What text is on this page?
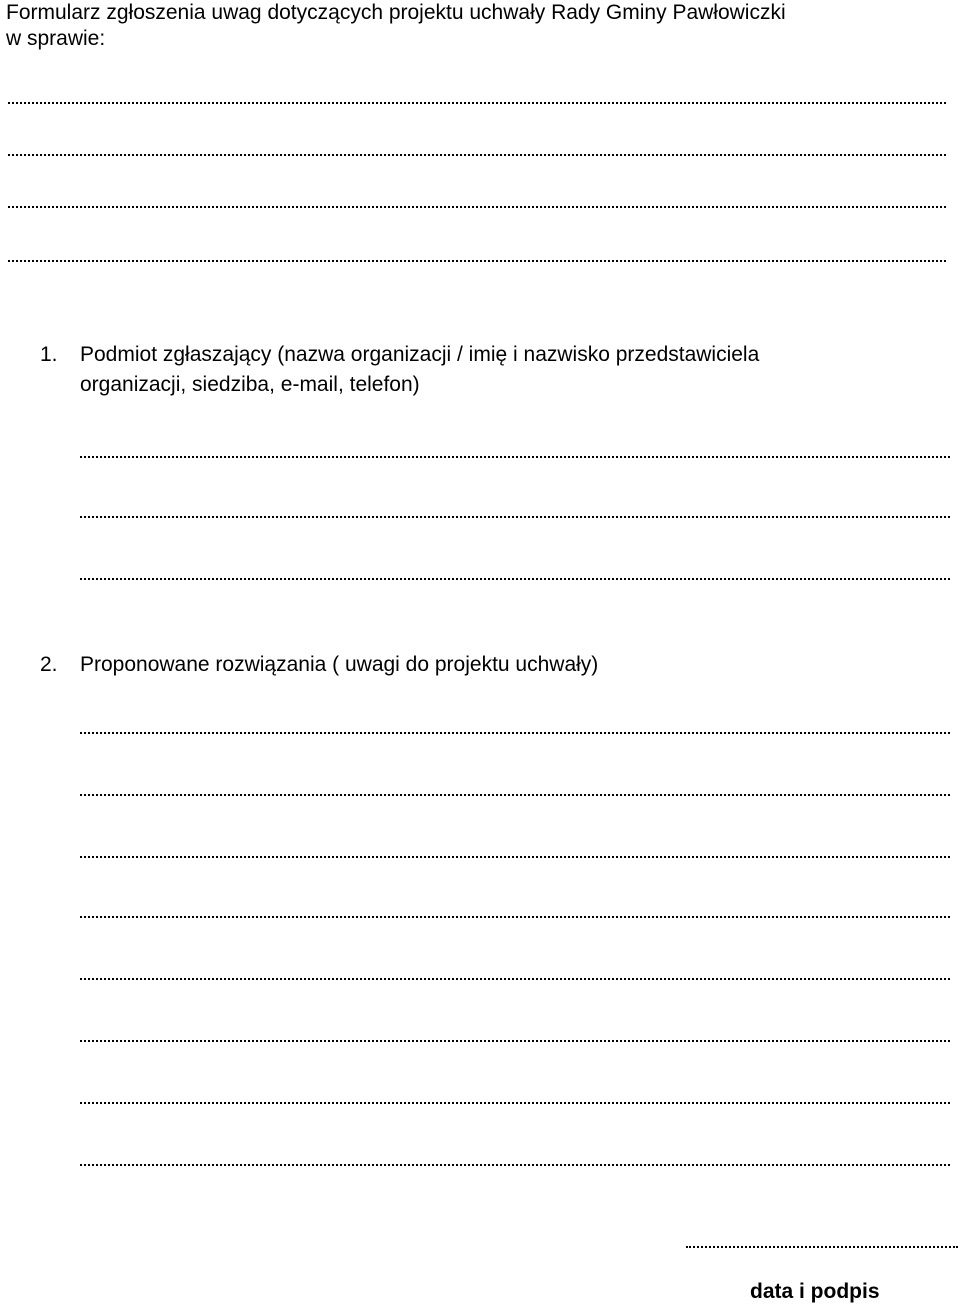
Formularz zgłoszenia uwag dotyczących projektu uchwały Rady Gminy Pawłowiczki
w sprawie:
1. Podmiot zgłaszający (nazwa organizacji / imię i nazwisko przedstawiciela
organizacji, siedziba, e-mail, telefon)
2. Proponowane rozwiązania ( uwagi do projektu uchwały)
data i podpis
